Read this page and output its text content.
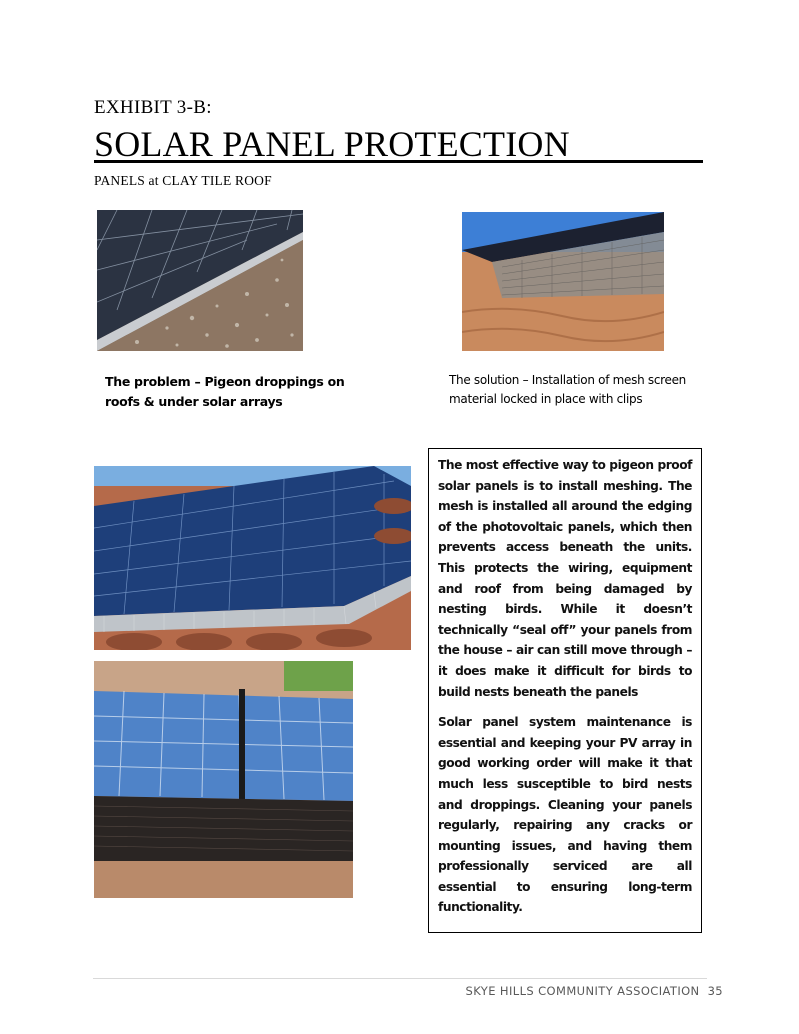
EXHIBIT 3-B:
SOLAR PANEL PROTECTION
PANELS at CLAY TILE ROOF
The problem – Pigeon droppings on roofs & under solar arrays
The solution – Installation of mesh screen material locked in place with clips

The most effective way to pigeon proof solar panels is to install meshing. The mesh is installed all around the edging of the photovoltaic panels, which then prevents access beneath the units. This protects the wiring, equipment and roof from being damaged by nesting birds. While it doesn’t technically “seal off” your panels from the house – air can still move through – it does make it difficult for birds to build nests beneath the panels

Solar panel system maintenance is essential and keeping your PV array in good working order will make it that much less susceptible to bird nests and droppings. Cleaning your panels regularly, repairing any cracks or mounting issues, and having them professionally serviced are all essential to ensuring long-term functionality.

SKYE HILLS COMMUNITY ASSOCIATION 35
